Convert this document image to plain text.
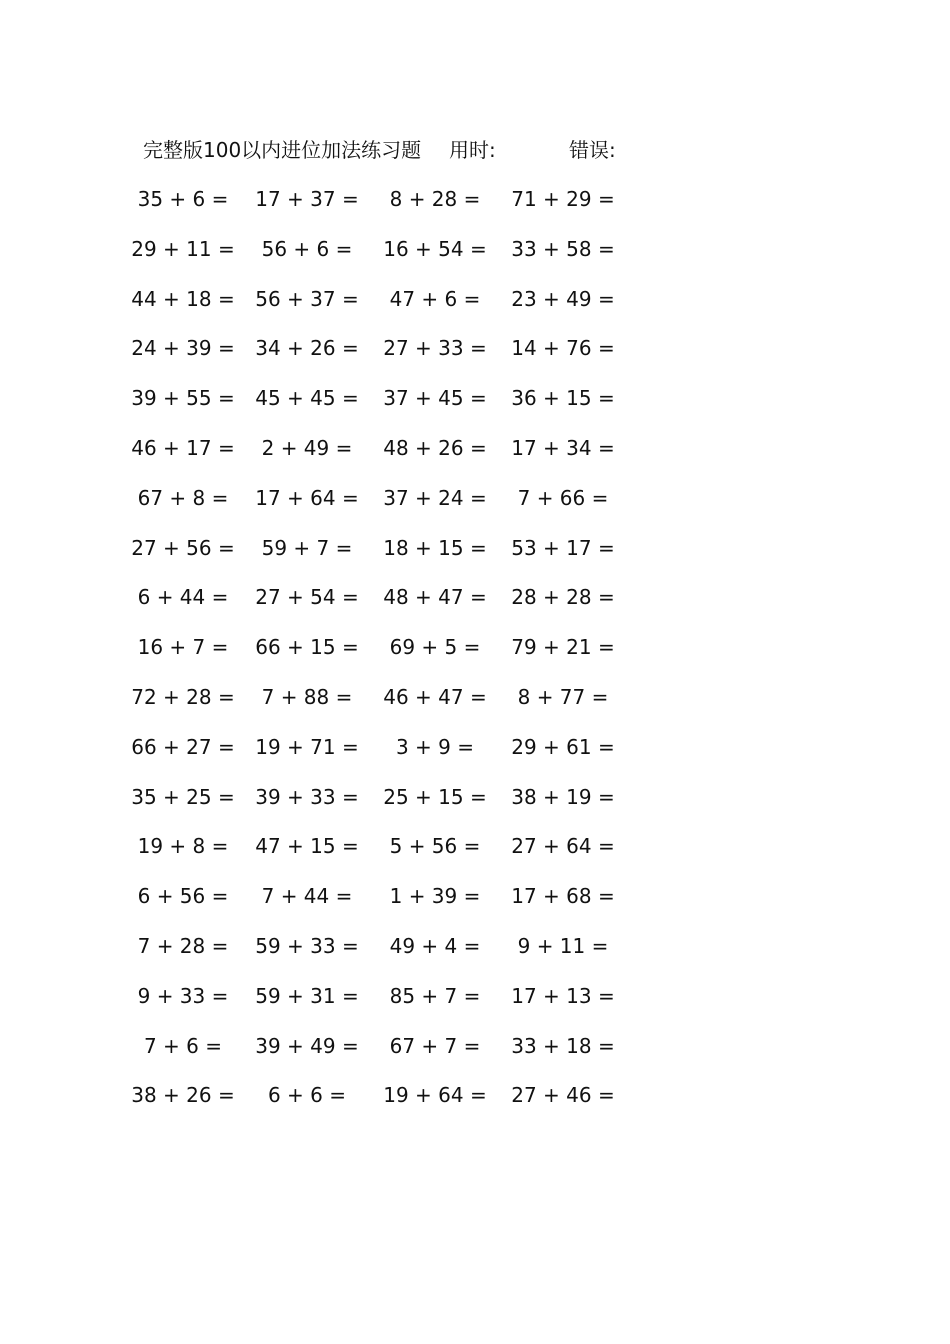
完整版100以内进位加法练习题 用时:	错误:
35 + 6 =	17 + 37 =	8 + 28 =	71 + 29 =
29 + 11 =	56 + 6 =	16 + 54 =	33 + 58 =
44 + 18 =	56 + 37 =	47 + 6 =	23 + 49 =
24 + 39 =	34 + 26 =	27 + 33 =	14 + 76 =
39 + 55 =	45 + 45 =	37 + 45 =	36 + 15 =
46 + 17 =	2 + 49 =	48 + 26 =	17 + 34 =
67 + 8 =	17 + 64 =	37 + 24 =	7 + 66 =
27 + 56 =	59 + 7 =	18 + 15 =	53 + 17 =
6 + 44 =	27 + 54 =	48 + 47 =	28 + 28 =
16 + 7 =	66 + 15 =	69 + 5 =	79 + 21 =
72 + 28 =	7 + 88 =	46 + 47 =	8 + 77 =
66 + 27 =	19 + 71 =	3 + 9 =	29 + 61 =
35 + 25 =	39 + 33 =	25 + 15 =	38 + 19 =
19 + 8 =	47 + 15 =	5 + 56 =	27 + 64 =
6 + 56 =	7 + 44 =	1 + 39 =	17 + 68 =
7 + 28 =	59 + 33 =	49 + 4 =	9 + 11 =
9 + 33 =	59 + 31 =	85 + 7 =	17 + 13 =
7 + 6 =	39 + 49 =	67 + 7 =	33 + 18 =
38 + 26 =	6 + 6 =	19 + 64 =	27 + 46 =
